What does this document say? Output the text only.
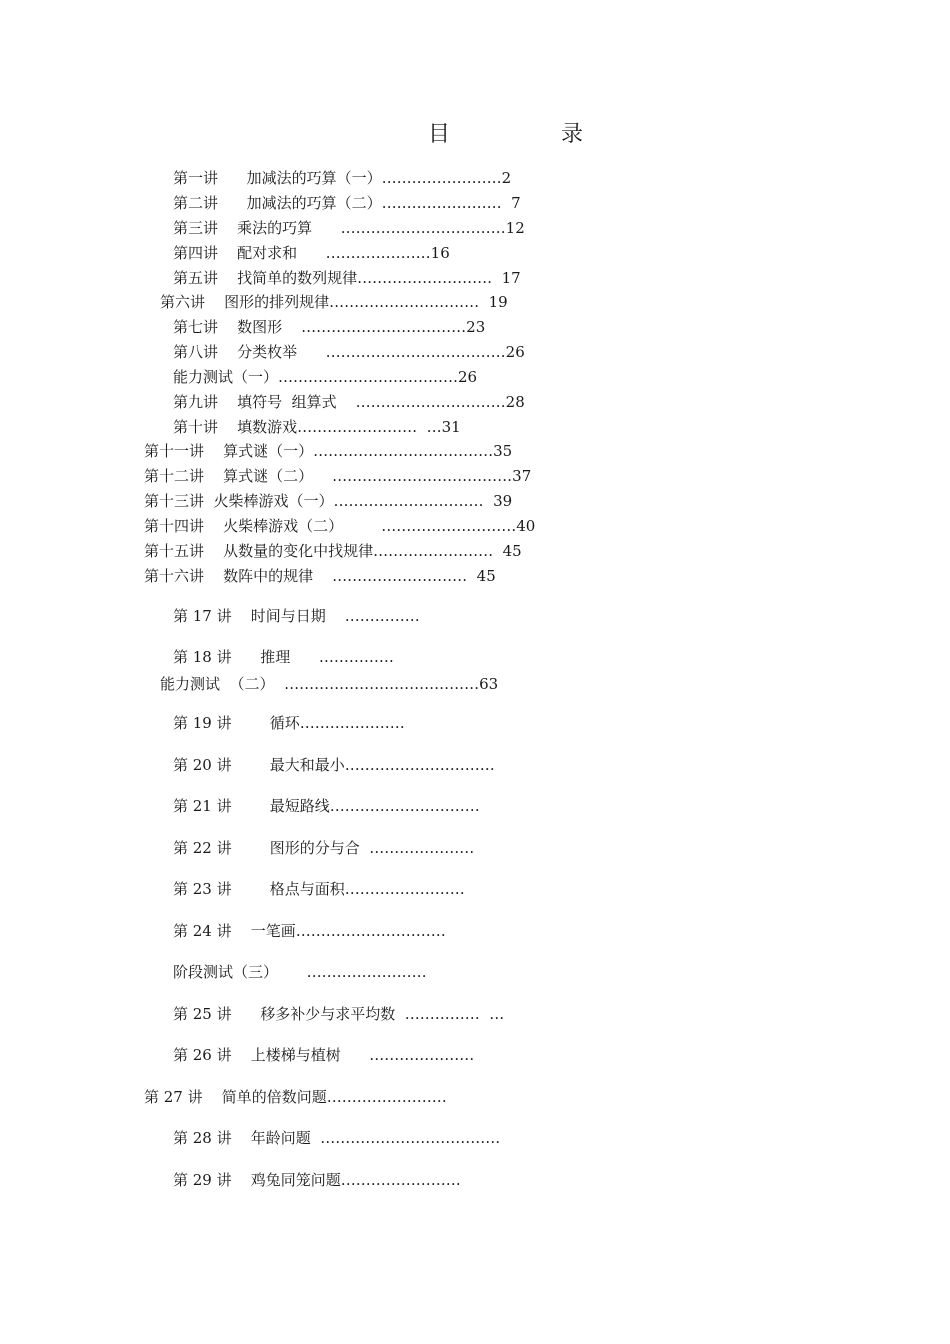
目 录
第一讲      加减法的巧算（一）……………………2
第二讲      加减法的巧算（二）……………………  7
第三讲    乘法的巧算      ……………………………12
第四讲    配对求和      …………………16
第五讲    找简单的数列规律………………………  17
第六讲    图形的排列规律…………………………  19
第七讲    数图形    ……………………………23
第八讲    分类枚举      ………………………………26
能力测试（一）………………………………26
第九讲    填符号  组算式    …………………………28
第十讲    填数游戏……………………  …31
第十一讲    算式谜（一）………………………………35
第十二讲    算式谜（二）    ………………………………37
第十三讲  火柴棒游戏（一）…………………………  39
第十四讲    火柴棒游戏（二）        ………………………40
第十五讲    从数量的变化中找规律……………………  45
第十六讲    数阵中的规律    ………………………  45
第 17 讲    时间与日期    ……………
第 18 讲      推理      ……………
能力测试  （二）  …………………………………63
第 19 讲        循环…………………
第 20 讲        最大和最小…………………………
第 21 讲        最短路线…………………………
第 22 讲        图形的分与合  …………………
第 23 讲        格点与面积……………………
第 24 讲    一笔画…………………………
阶段测试（三）      ……………………
第 25 讲      移多补少与求平均数  ……………  …
第 26 讲    上楼梯与植树      …………………
第 27 讲    简单的倍数问题……………………
第 28 讲    年龄问题  ………………………………
第 29 讲    鸡兔同笼问题……………………
